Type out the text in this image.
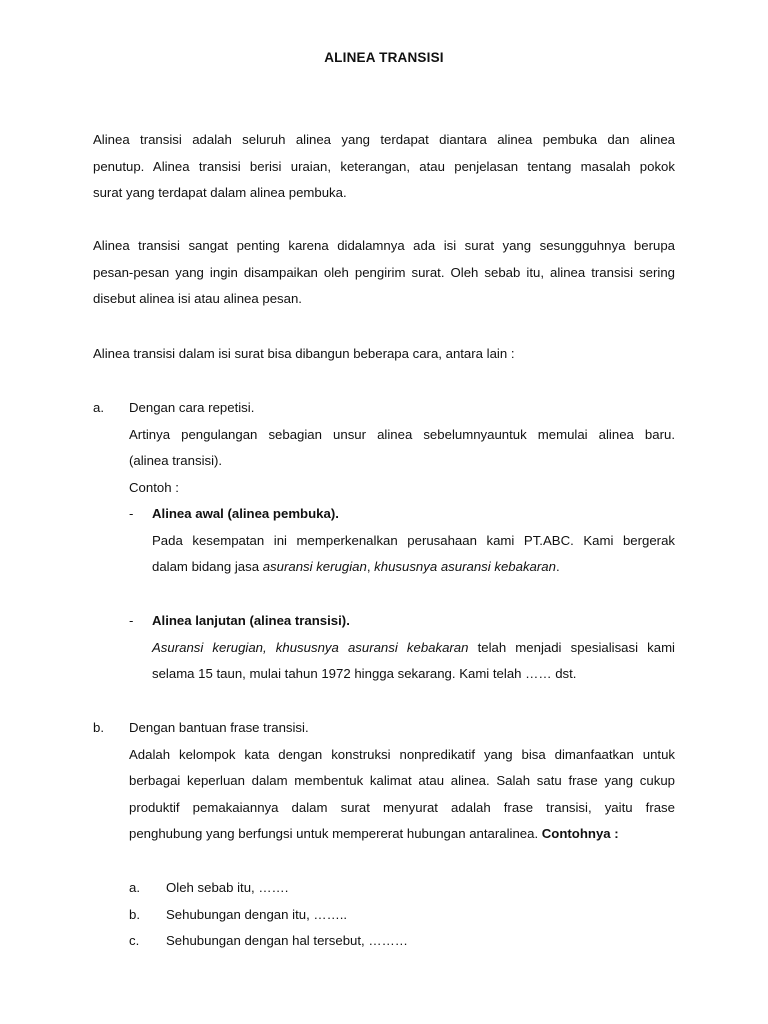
ALINEA TRANSISI
Alinea transisi adalah seluruh alinea yang terdapat diantara alinea pembuka dan alinea
penutup. Alinea transisi berisi uraian, keterangan, atau penjelasan tentang masalah pokok
surat yang terdapat dalam alinea pembuka.
Alinea transisi sangat penting karena didalamnya ada isi surat yang sesungguhnya berupa
pesan-pesan yang ingin disampaikan oleh pengirim surat. Oleh sebab itu, alinea transisi sering
disebut alinea isi atau alinea pesan.
Alinea transisi dalam isi surat bisa dibangun beberapa cara, antara lain :
a. Dengan cara repetisi.
Artinya pengulangan sebagian unsur alinea sebelumnyauntuk memulai alinea baru.
(alinea transisi).
Contoh :
- Alinea awal (alinea pembuka).
Pada kesempatan ini memperkenalkan perusahaan kami PT.ABC. Kami bergerak
dalam bidang jasa asuransi kerugian, khususnya asuransi kebakaran.
- Alinea lanjutan (alinea transisi).
Asuransi kerugian, khususnya asuransi kebakaran telah menjadi spesialisasi kami
selama 15 taun, mulai tahun 1972 hingga sekarang. Kami telah …… dst.
b. Dengan bantuan frase transisi.
Adalah kelompok kata dengan konstruksi nonpredikatif yang bisa dimanfaatkan untuk
berbagai keperluan dalam membentuk kalimat atau alinea. Salah satu frase yang cukup
produktif pemakaiannya dalam surat menyurat adalah frase transisi, yaitu frase
penghubung yang berfungsi untuk mempererat hubungan antaralinea. Contohnya :
a. Oleh sebab itu, …….
b. Sehubungan dengan itu, ……..
c. Sehubungan dengan hal tersebut, ………
